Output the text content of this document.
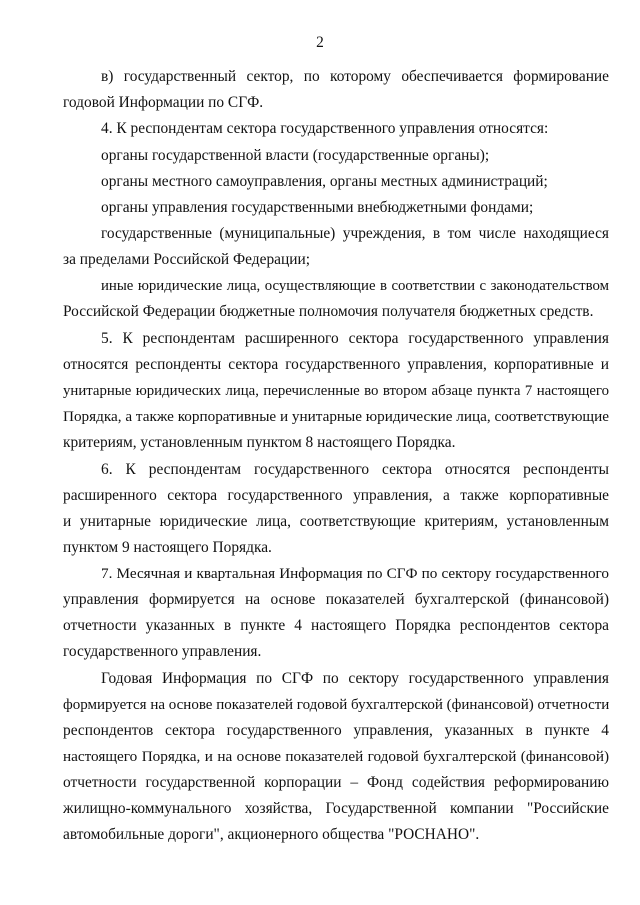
2
в) государственный сектор, по которому обеспечивается формирование
годовой Информации по СГФ.
4. К респондентам сектора государственного управления относятся:
органы государственной власти (государственные органы);
органы местного самоуправления, органы местных администраций;
органы управления государственными внебюджетными фондами;
государственные (муниципальные) учреждения, в том числе находящиеся
за пределами Российской Федерации;
иные юридические лица, осуществляющие в соответствии с законодательством
Российской Федерации бюджетные полномочия получателя бюджетных средств.
5. К респондентам расширенного сектора государственного управления
относятся респонденты сектора государственного управления, корпоративные и
унитарные юридических лица, перечисленные во втором абзаце пункта 7 настоящего
Порядка, а также корпоративные и унитарные юридические лица, соответствующие
критериям, установленным пунктом 8 настоящего Порядка.
6. К респондентам государственного сектора относятся респонденты
расширенного сектора государственного управления, а также корпоративные
и унитарные юридические лица, соответствующие критериям, установленным
пунктом 9 настоящего Порядка.
7. Месячная и квартальная Информация по СГФ по сектору государственного
управления формируется на основе показателей бухгалтерской (финансовой)
отчетности указанных в пункте 4 настоящего Порядка респондентов сектора
государственного управления.
Годовая Информация по СГФ по сектору государственного управления
формируется на основе показателей годовой бухгалтерской (финансовой) отчетности
респондентов сектора государственного управления, указанных в пункте 4
настоящего Порядка, и на основе показателей годовой бухгалтерской (финансовой)
отчетности государственной корпорации – Фонд содействия реформированию
жилищно-коммунального хозяйства, Государственной компании "Российские
автомобильные дороги", акционерного общества "РОСНАНО".
